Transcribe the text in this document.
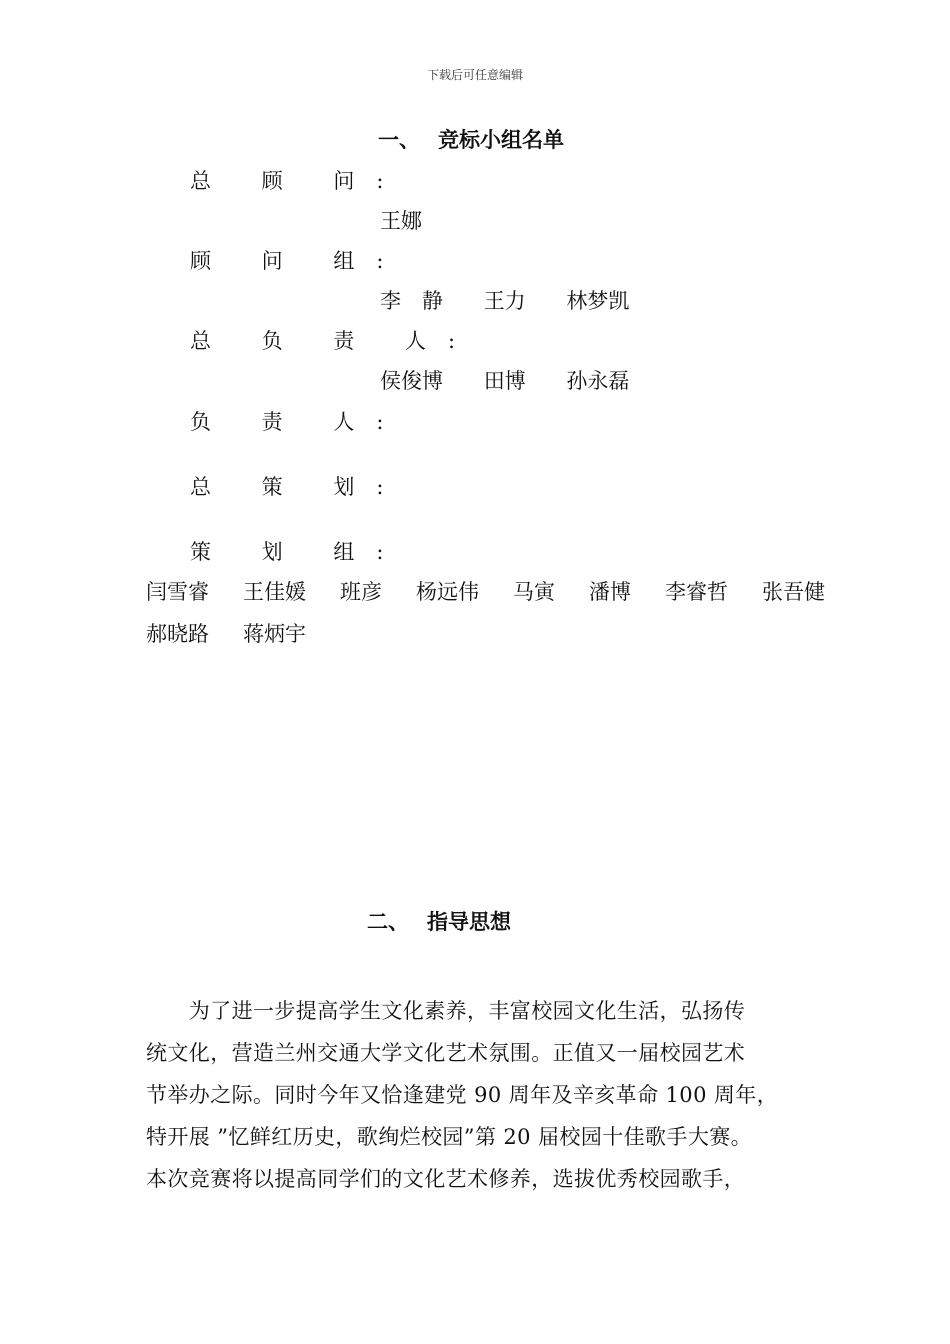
下载后可任意编辑
一、 竞标小组名单
总 顾 问:
王娜
顾 问 组:
李　静 王力 林梦凯
总 负 责 人:
侯俊博 田博 孙永磊
负 责 人:
总 策 划:
策 划 组:
闫雪睿 王佳媛 班彦 杨远伟 马寅 潘博 李睿哲 张吾健
郝晓路 蒋炳宇
二、 指导思想
　　为了进一步提高学生文化素养，丰富校园文化生活，弘扬传
统文化，营造兰州交通大学文化艺术氛围。正值又一届校园艺术
节举办之际。同时今年又恰逢建党 90 周年及辛亥革命 100 周年，
特开展 ”忆鲜红历史，歌绚烂校园”第 20 届校园十佳歌手大赛。
本次竞赛将以提高同学们的文化艺术修养，选拔优秀校园歌手，
